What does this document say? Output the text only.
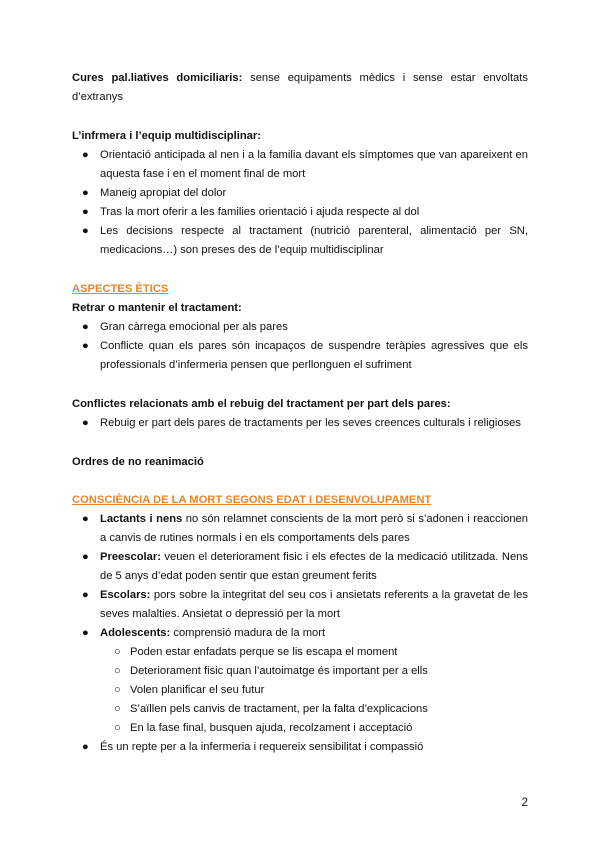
Cures pal.liatives domiciliaris: sense equipaments mèdics i sense estar envoltats d’extranys
L’infrmera i l’equip multidisciplinar:
● Orientació anticipada al nen i a la familia davant els símptomes que van apareixent en aquesta fase i en el moment final de mort
● Maneig apropiat del dolor
● Tras la mort oferir a les families orientació i ajuda respecte al dol
● Les decisions respecte al tractament (nutrició parenteral, alimentació per SN, medicacions…) son preses des de l’equip multidisciplinar
ASPECTES ÈTICS
Retrar o mantenir el tractament:
● Gran càrrega emocional per als pares
● Conflicte quan els pares són incapaços de suspendre teràpies agressives que els professionals d’infermeria pensen que perllonguen el sufriment
Conflictes relacionats amb el rebuig del tractament per part dels pares:
● Rebuig er part dels pares de tractaments per les seves creences culturals i religioses
Ordres de no reanimació
CONSCIÈNCIA DE LA MORT SEGONS EDAT I DESENVOLUPAMENT
● Lactants i nens no són relamnet conscients de la mort però si s’adonen i reaccionen a canvis de rutines normals i en els comportaments dels pares
● Preescolar: veuen el deteriorament fisic i els efectes de la medicació utilitzada. Nens de 5 anys d’edat poden sentir que estan greument ferits
● Escolars: pors sobre la integritat del seu cos i ansietats referents a la gravetat de les seves malalties. Ansietat o depressió per la mort
● Adolescents: comprensió madura de la mort
○ Poden estar enfadats perque se lis escapa el moment
○ Deteriorament fisic quan l’autoimatge és important per a ells
○ Volen planificar el seu futur
○ S’aïllen pels canvis de tractament, per la falta d’explicacions
○ En la fase final, busquen ajuda, recolzament i acceptació
● És un repte per a la infermeria i requereix sensibilitat i compassió
2
